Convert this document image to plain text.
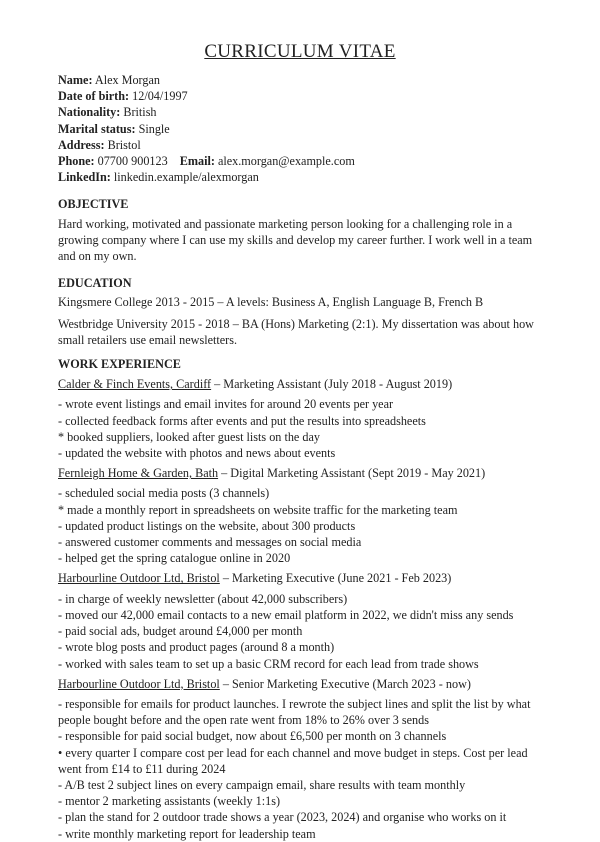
CURRICULUM VITAE
Name: Alex Morgan
Date of birth: 12/04/1997
Nationality: British
Marital status: Single
Address: Bristol
Phone: 07700 900123 Email: alex.morgan@example.com
LinkedIn: linkedin.example/alexmorgan
OBJECTIVE

Hard working, motivated and passionate marketing person looking for a challenging role in a growing company where I can use my skills and develop my career further. I work well in a team and on my own.

EDUCATION

Kingsmere College 2013 - 2015 – A levels: Business A, English Language B, French B

Westbridge University 2015 - 2018 – BA (Hons) Marketing (2:1). My dissertation was about how small retailers use email newsletters.

WORK EXPERIENCE
Calder & Finch Events, Cardiff – Marketing Assistant (July 2018 - August 2019)
- wrote event listings and email invites for around 20 events per year
- collected feedback forms after events and put the results into spreadsheets
* booked suppliers, looked after guest lists on the day
- updated the website with photos and news about events
Fernleigh Home & Garden, Bath – Digital Marketing Assistant (Sept 2019 - May 2021)
- scheduled social media posts (3 channels)
* made a monthly report in spreadsheets on website traffic for the marketing team
- updated product listings on the website, about 300 products
- answered customer comments and messages on social media
- helped get the spring catalogue online in 2020
Harbourline Outdoor Ltd, Bristol – Marketing Executive (June 2021 - Feb 2023)
- in charge of weekly newsletter (about 42,000 subscribers)
- moved our 42,000 email contacts to a new email platform in 2022, we didn't miss any sends
- paid social ads, budget around £4,000 per month
- wrote blog posts and product pages (around 8 a month)
- worked with sales team to set up a basic CRM record for each lead from trade shows
Harbourline Outdoor Ltd, Bristol – Senior Marketing Executive (March 2023 - now)
- responsible for emails for product launches. I rewrote the subject lines and split the list by what people bought before and the open rate went from 18% to 26% over 3 sends
- responsible for paid social budget, now about £6,500 per month on 3 channels
• every quarter I compare cost per lead for each channel and move budget in steps. Cost per lead went from £14 to £11 during 2024
- A/B test 2 subject lines on every campaign email, share results with team monthly
- mentor 2 marketing assistants (weekly 1:1s)
- plan the stand for 2 outdoor trade shows a year (2023, 2024) and organise who works on it
- write monthly marketing report for leadership team
